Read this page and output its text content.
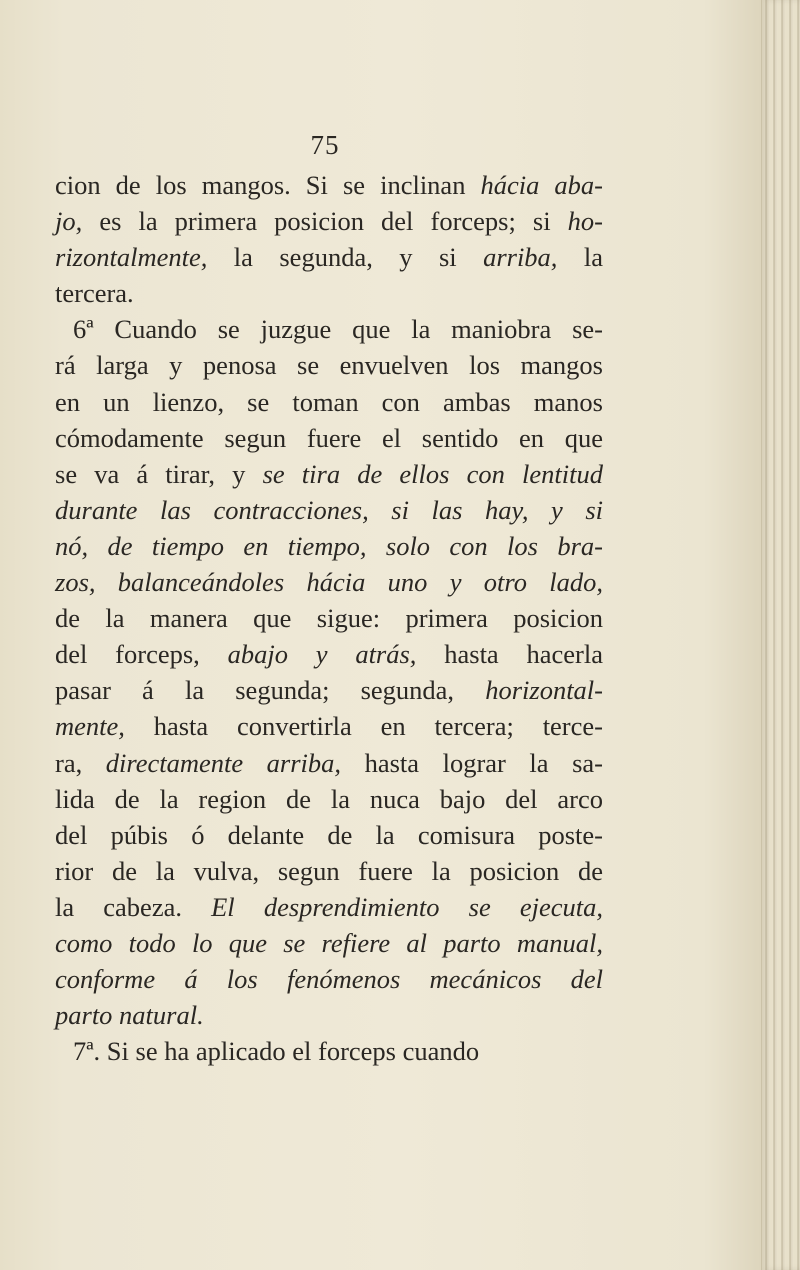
75
cion de los mangos. Si se inclinan hácia aba-
jo, es la primera posicion del forceps; si ho-
rizontalmente, la segunda, y si arriba, la
tercera.
6ª Cuando se juzgue que la maniobra se-
rá larga y penosa se envuelven los mangos
en un lienzo, se toman con ambas manos
cómodamente segun fuere el sentido en que
se va á tirar, y se tira de ellos con lentitud
durante las contracciones, si las hay, y si
nó, de tiempo en tiempo, solo con los bra-
zos, balanceándoles hácia uno y otro lado,
de la manera que sigue: primera posicion
del forceps, abajo y atrás, hasta hacerla
pasar á la segunda; segunda, horizontal-
mente, hasta convertirla en tercera; terce-
ra, directamente arriba, hasta lograr la sa-
lida de la region de la nuca bajo del arco
del púbis ó delante de la comisura poste-
rior de la vulva, segun fuere la posicion de
la cabeza. El desprendimiento se ejecuta,
como todo lo que se refiere al parto manual,
conforme á los fenómenos mecánicos del
parto natural.
7ª. Si se ha aplicado el forceps cuando
